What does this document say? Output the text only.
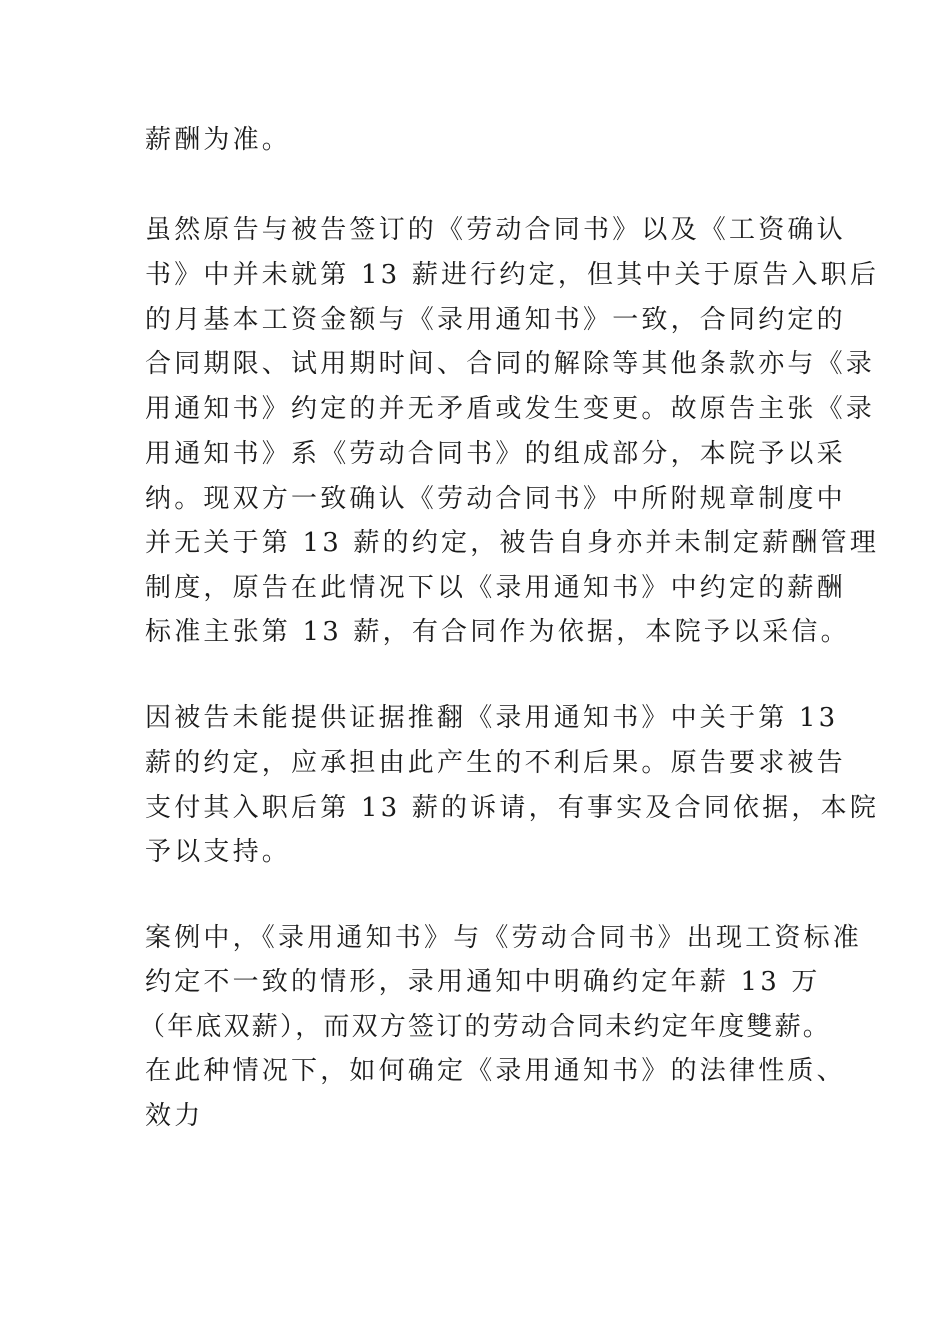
薪酬为准。
虽然原告与被告签订的《劳动合同书》以及《工资确认
书》中并未就第 13 薪进行约定，但其中关于原告入职后
的月基本工资金额与《录用通知书》一致，合同约定的
合同期限、试用期时间、合同的解除等其他条款亦与《录
用通知书》约定的并无矛盾或发生变更。故原告主张《录
用通知书》系《劳动合同书》的组成部分，本院予以采
纳。现双方一致确认《劳动合同书》中所附规章制度中
并无关于第 13 薪的约定，被告自身亦并未制定薪酬管理
制度，原告在此情况下以《录用通知书》中约定的薪酬
标准主张第 13 薪，有合同作为依据，本院予以采信。
因被告未能提供证据推翻《录用通知书》中关于第 13
薪的约定，应承担由此产生的不利后果。原告要求被告
支付其入职后第 13 薪的诉请，有事实及合同依据，本院
予以支持。
案例中，《录用通知书》与《劳动合同书》出现工资标准
约定不一致的情形，录用通知中明确约定年薪 13 万
（年底双薪），而双方签订的劳动合同未约定年度雙薪。
在此种情况下，如何确定《录用通知书》的法律性质、
效力
